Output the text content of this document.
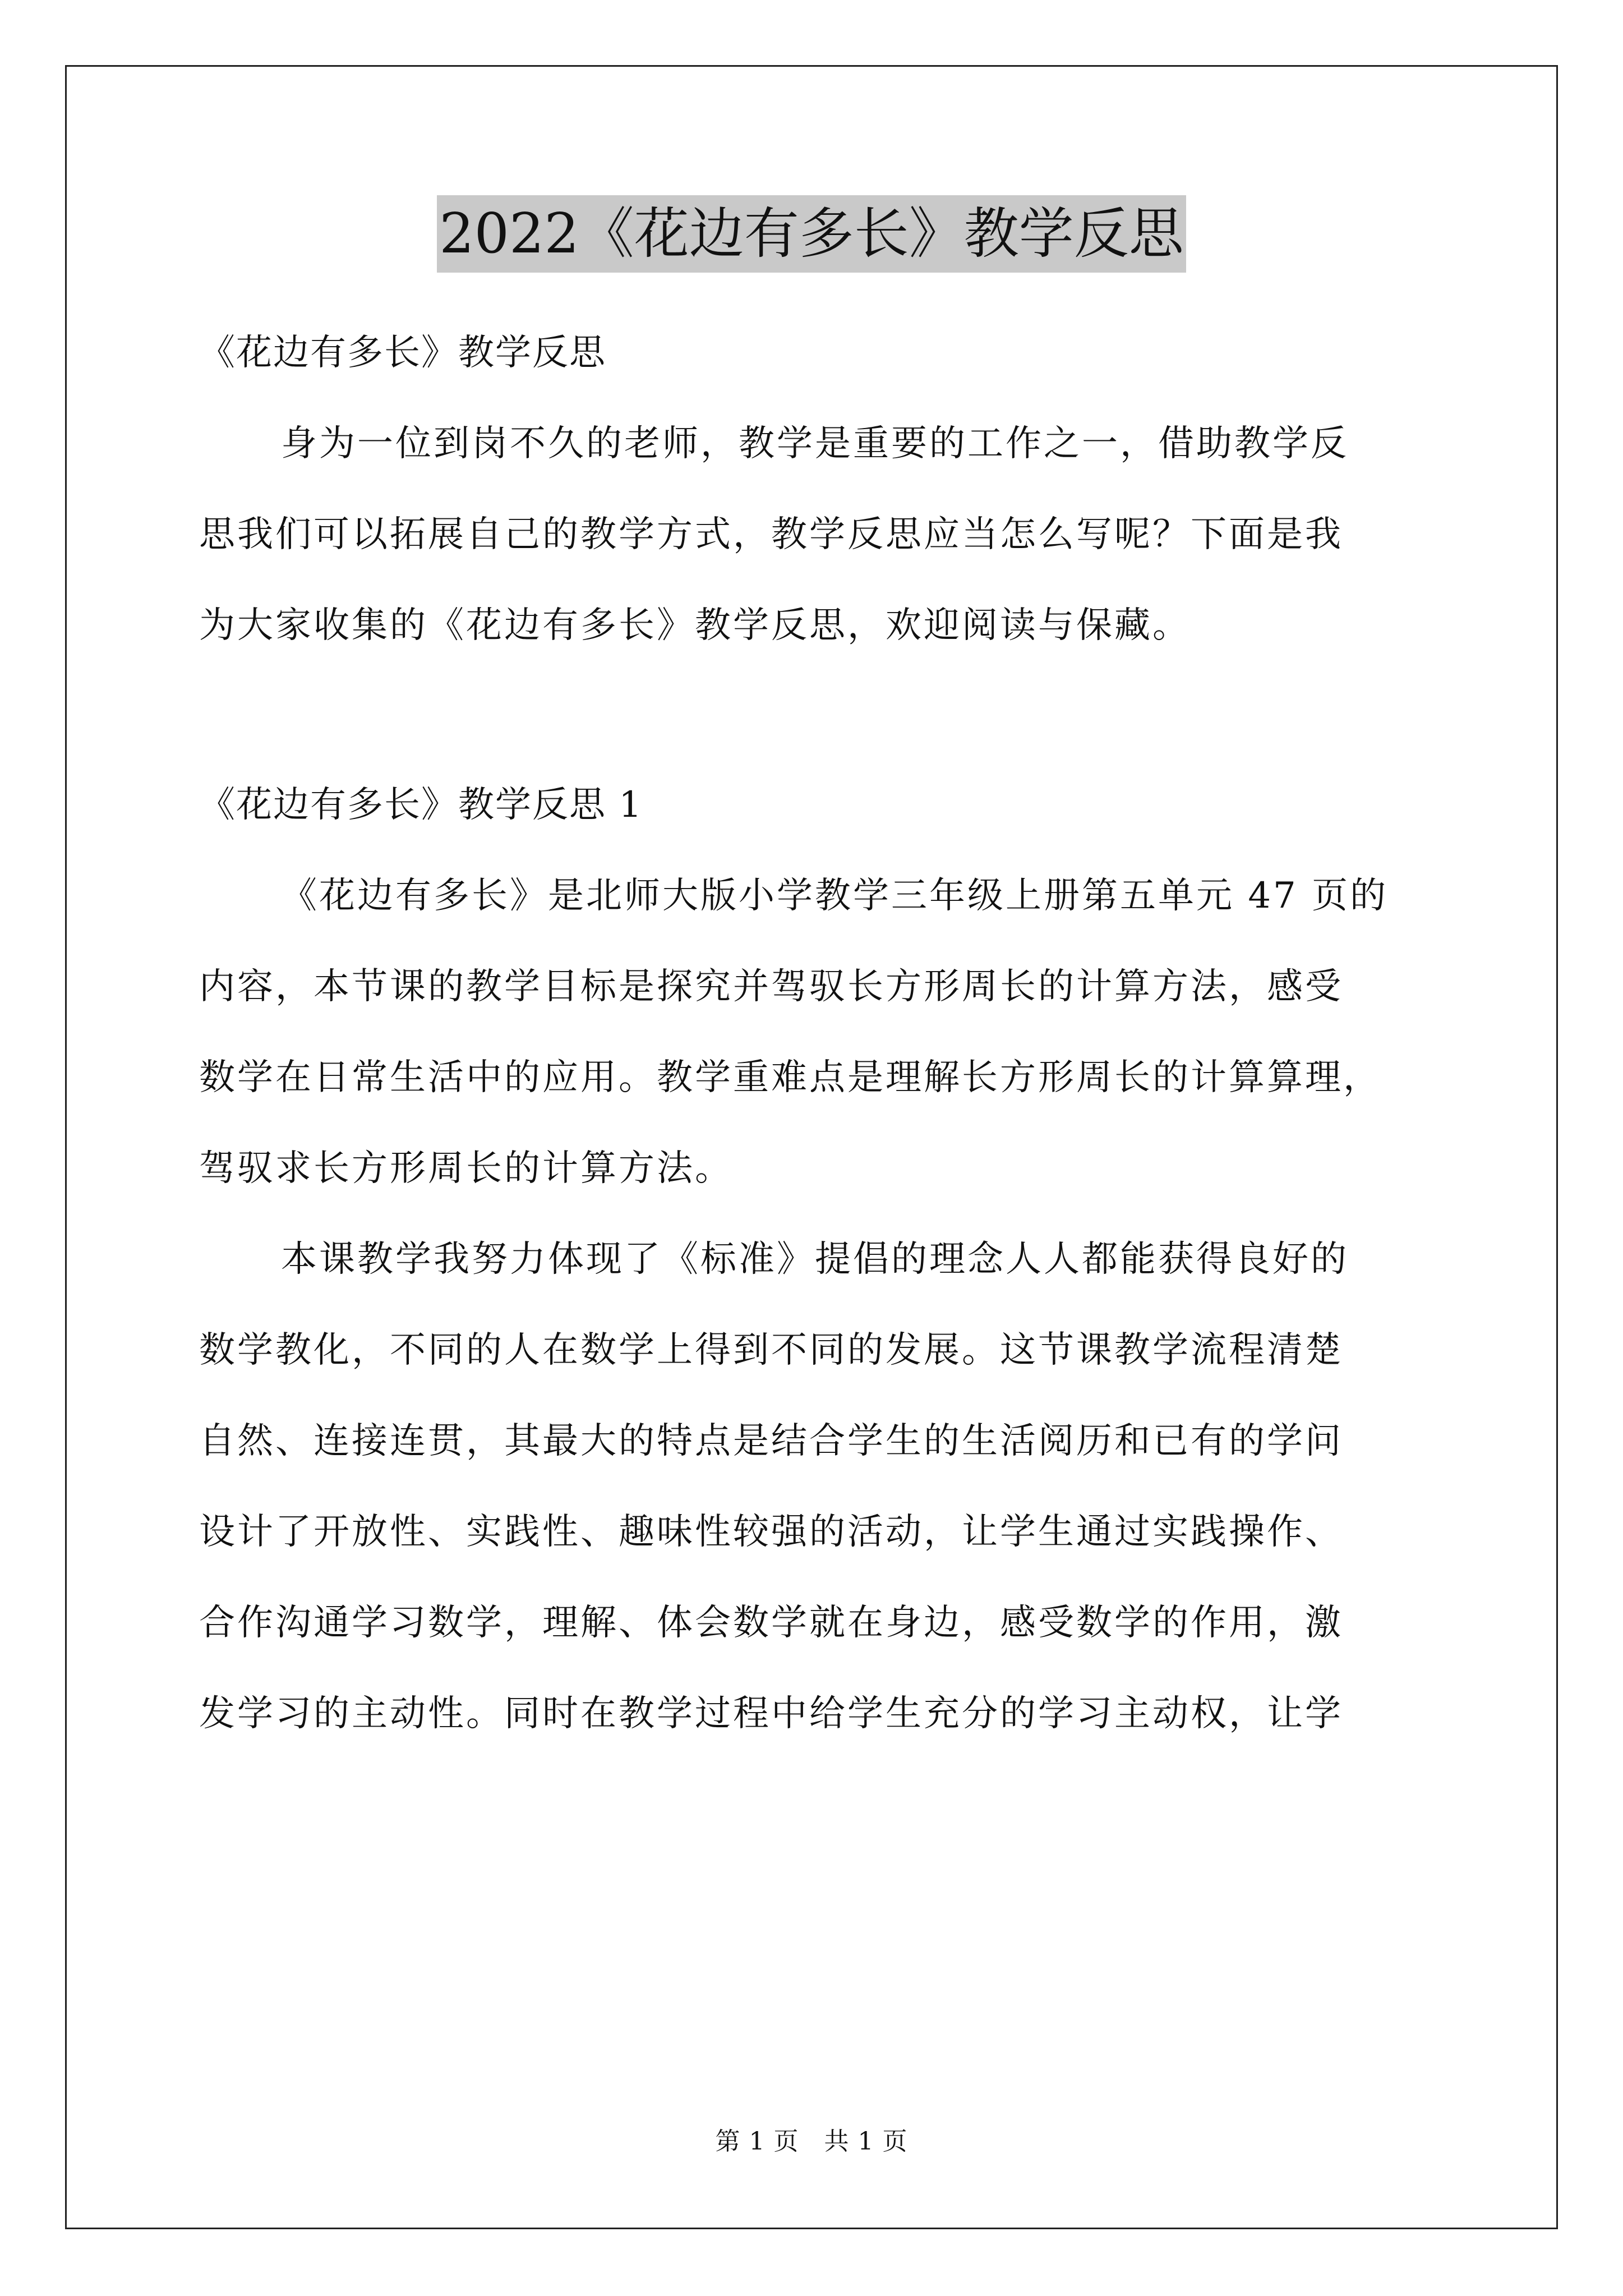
2022《花边有多长》教学反思
《花边有多长》教学反思
身为一位到岗不久的老师，教学是重要的工作之一，借助教学反
思我们可以拓展自己的教学方式，教学反思应当怎么写呢？下面是我
为大家收集的《花边有多长》教学反思，欢迎阅读与保藏。
《花边有多长》教学反思 1
《花边有多长》是北师大版小学教学三年级上册第五单元 47 页的
内容，本节课的教学目标是探究并驾驭长方形周长的计算方法，感受
数学在日常生活中的应用。教学重难点是理解长方形周长的计算算理，
驾驭求长方形周长的计算方法。
本课教学我努力体现了《标准》提倡的理念人人都能获得良好的
数学教化，不同的人在数学上得到不同的发展。这节课教学流程清楚
自然、连接连贯，其最大的特点是结合学生的生活阅历和已有的学问
设计了开放性、实践性、趣味性较强的活动，让学生通过实践操作、
合作沟通学习数学，理解、体会数学就在身边，感受数学的作用，激
发学习的主动性。同时在教学过程中给学生充分的学习主动权，让学
第 1 页　共 1 页
